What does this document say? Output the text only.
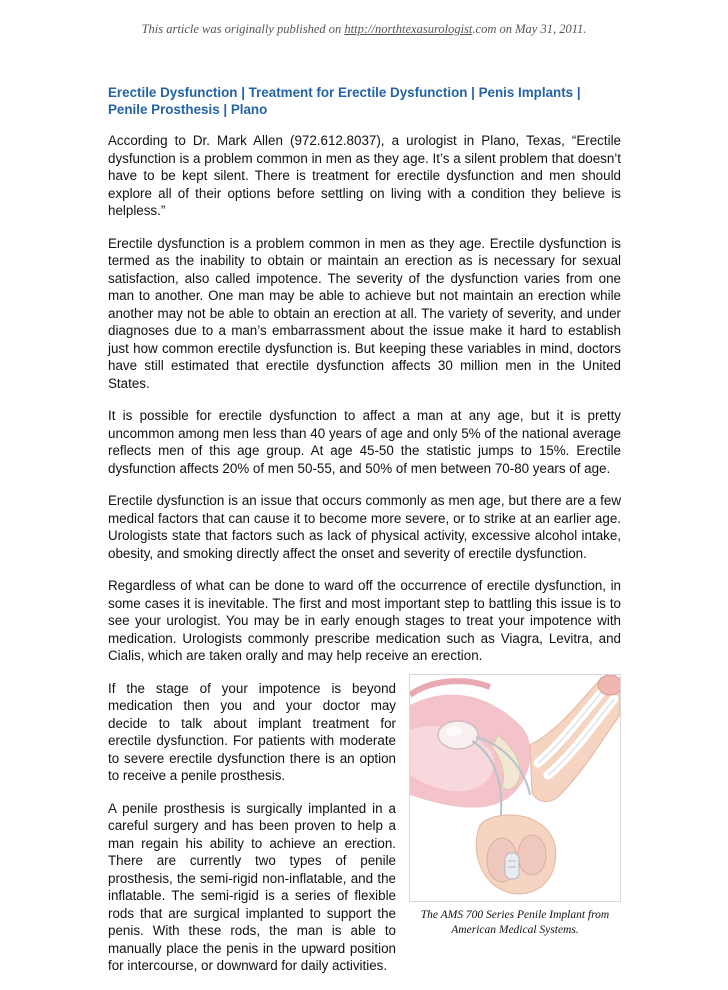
This article was originally published on http://northtexasurologist.com on May 31, 2011.
Erectile Dysfunction | Treatment for Erectile Dysfunction | Penis Implants | Penile Prosthesis | Plano

According to Dr. Mark Allen (972.612.8037), a urologist in Plano, Texas, “Erectile dysfunction is a problem common in men as they age. It’s a silent problem that doesn’t have to be kept silent. There is treatment for erectile dysfunction and men should explore all of their options before settling on living with a condition they believe is helpless.”

Erectile dysfunction is a problem common in men as they age. Erectile dysfunction is termed as the inability to obtain or maintain an erection as is necessary for sexual satisfaction, also called impotence. The severity of the dysfunction varies from one man to another. One man may be able to achieve but not maintain an erection while another may not be able to obtain an erection at all. The variety of severity, and under diagnoses due to a man’s embarrassment about the issue make it hard to establish just how common erectile dysfunction is. But keeping these variables in mind, doctors have still estimated that erectile dysfunction affects 30 million men in the United States.

It is possible for erectile dysfunction to affect a man at any age, but it is pretty uncommon among men less than 40 years of age and only 5% of the national average reflects men of this age group. At age 45-50 the statistic jumps to 15%. Erectile dysfunction affects 20% of men 50-55, and 50% of men between 70-80 years of age.

Erectile dysfunction is an issue that occurs commonly as men age, but there are a few medical factors that can cause it to become more severe, or to strike at an earlier age. Urologists state that factors such as lack of physical activity, excessive alcohol intake, obesity, and smoking directly affect the onset and severity of erectile dysfunction.

Regardless of what can be done to ward off the occurrence of erectile dysfunction, in some cases it is inevitable. The first and most important step to battling this issue is to see your urologist. You may be in early enough stages to treat your impotence with medication. Urologists commonly prescribe medication such as Viagra, Levitra, and Cialis, which are taken orally and may help receive an erection.

If the stage of your impotence is beyond medication then you and your doctor may decide to talk about implant treatment for erectile dysfunction. For patients with moderate to severe erectile dysfunction there is an option to receive a penile prosthesis.

A penile prosthesis is surgically implanted in a careful surgery and has been proven to help a man regain his ability to achieve an erection. There are currently two types of penile prosthesis, the semi-rigid non-inflatable, and the inflatable. The semi-rigid is a series of flexible rods that are surgical implanted to support the penis. With these rods, the man is able to manually place the penis in the upward position for intercourse, or downward for daily activities.

The AMS 700 Series Penile Implant from American Medical Systems.
